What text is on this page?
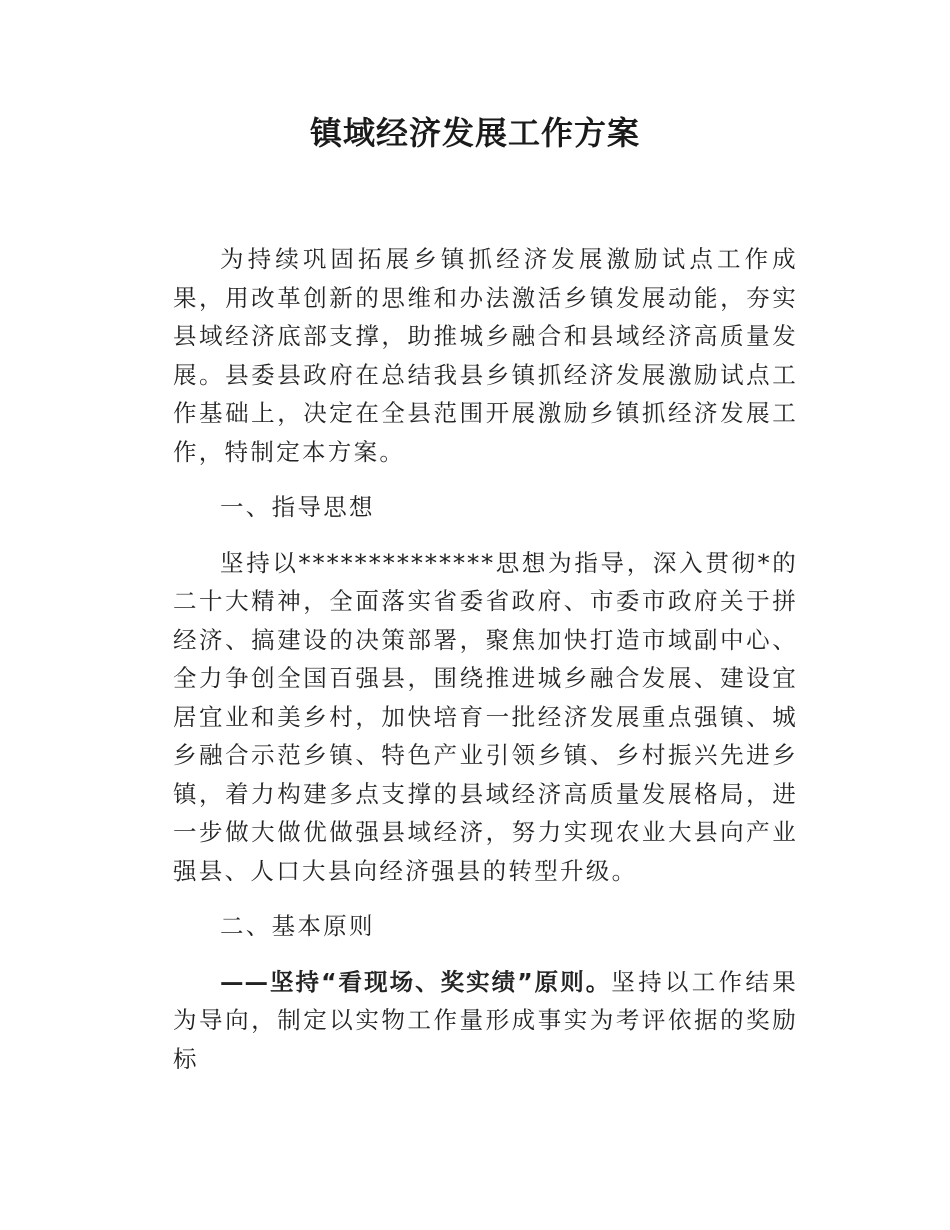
镇域经济发展工作方案

为持续巩固拓展乡镇抓经济发展激励试点工作成果，用改革创新的思维和办法激活乡镇发展动能，夯实县域经济底部支撑，助推城乡融合和县域经济高质量发展。县委县政府在总结我县乡镇抓经济发展激励试点工作基础上，决定在全县范围开展激励乡镇抓经济发展工作，特制定本方案。

一、指导思想

坚持以**************思想为指导，深入贯彻*的二十大精神，全面落实省委省政府、市委市政府关于拼经济、搞建设的决策部署，聚焦加快打造市域副中心、全力争创全国百强县，围绕推进城乡融合发展、建设宜居宜业和美乡村，加快培育一批经济发展重点强镇、城乡融合示范乡镇、特色产业引领乡镇、乡村振兴先进乡镇，着力构建多点支撑的县域经济高质量发展格局，进一步做大做优做强县域经济，努力实现农业大县向产业强县、人口大县向经济强县的转型升级。

二、基本原则

——坚持“看现场、奖实绩”原则。坚持以工作结果为导向，制定以实物工作量形成事实为考评依据的奖励标
